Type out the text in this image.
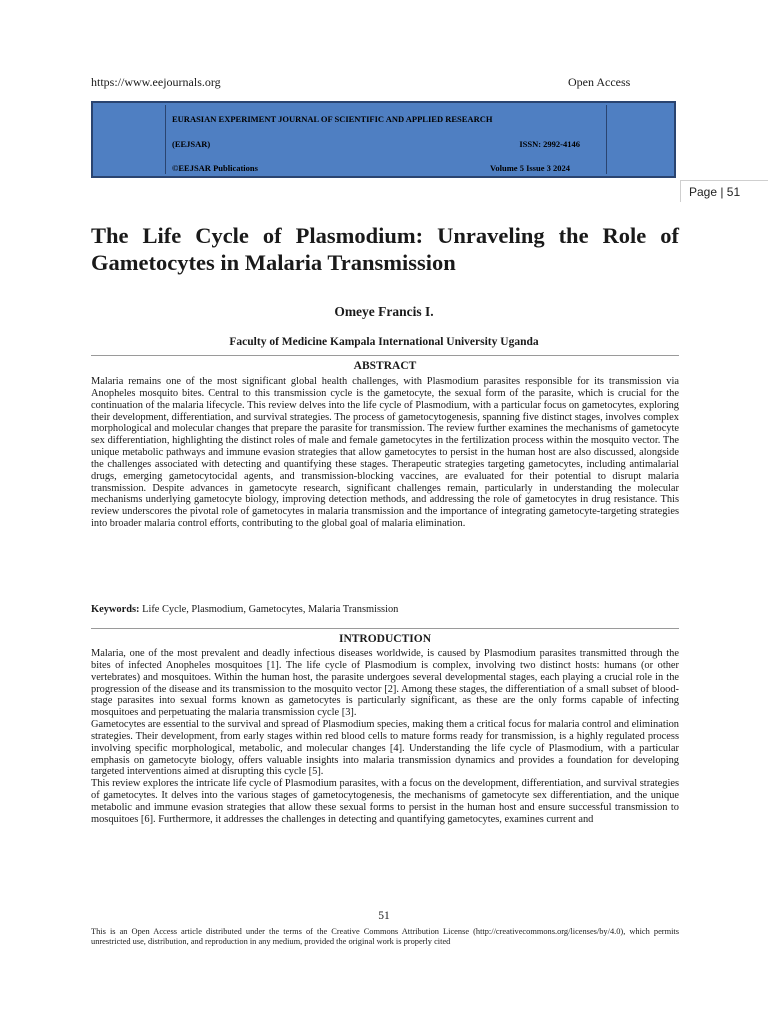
https://www.eejournals.org	Open Access
EURASIAN EXPERIMENT JOURNAL OF SCIENTIFIC AND APPLIED RESEARCH
(EEJSAR)	ISSN: 2992-4146
©EEJSAR Publications	Volume 5 Issue 3 2024
Page | 51
The Life Cycle of Plasmodium: Unraveling the Role of Gametocytes in Malaria Transmission
Omeye Francis I.
Faculty of Medicine Kampala International University Uganda
ABSTRACT
Malaria remains one of the most significant global health challenges, with Plasmodium parasites responsible for its transmission via Anopheles mosquito bites. Central to this transmission cycle is the gametocyte, the sexual form of the parasite, which is crucial for the continuation of the malaria lifecycle. This review delves into the life cycle of Plasmodium, with a particular focus on gametocytes, exploring their development, differentiation, and survival strategies. The process of gametocytogenesis, spanning five distinct stages, involves complex morphological and molecular changes that prepare the parasite for transmission. The review further examines the mechanisms of gametocyte sex differentiation, highlighting the distinct roles of male and female gametocytes in the fertilization process within the mosquito vector. The unique metabolic pathways and immune evasion strategies that allow gametocytes to persist in the human host are also discussed, alongside the challenges associated with detecting and quantifying these stages. Therapeutic strategies targeting gametocytes, including antimalarial drugs, emerging gametocytocidal agents, and transmission-blocking vaccines, are evaluated for their potential to disrupt malaria transmission. Despite advances in gametocyte research, significant challenges remain, particularly in understanding the molecular mechanisms underlying gametocyte biology, improving detection methods, and addressing the role of gametocytes in drug resistance. This review underscores the pivotal role of gametocytes in malaria transmission and the importance of integrating gametocyte-targeting strategies into broader malaria control efforts, contributing to the global goal of malaria elimination.
Keywords: Life Cycle, Plasmodium, Gametocytes, Malaria Transmission
INTRODUCTION

Malaria, one of the most prevalent and deadly infectious diseases worldwide, is caused by Plasmodium parasites transmitted through the bites of infected Anopheles mosquitoes [1]. The life cycle of Plasmodium is complex, involving two distinct hosts: humans (or other vertebrates) and mosquitoes. Within the human host, the parasite undergoes several developmental stages, each playing a crucial role in the progression of the disease and its transmission to the mosquito vector [2]. Among these stages, the differentiation of a small subset of blood-stage parasites into sexual forms known as gametocytes is particularly significant, as these are the only forms capable of infecting mosquitoes and perpetuating the malaria transmission cycle [3].

Gametocytes are essential to the survival and spread of Plasmodium species, making them a critical focus for malaria control and elimination strategies. Their development, from early stages within red blood cells to mature forms ready for transmission, is a highly regulated process involving specific morphological, metabolic, and molecular changes [4]. Understanding the life cycle of Plasmodium, with a particular emphasis on gametocyte biology, offers valuable insights into malaria transmission dynamics and provides a foundation for developing targeted interventions aimed at disrupting this cycle [5].

This review explores the intricate life cycle of Plasmodium parasites, with a focus on the development, differentiation, and survival strategies of gametocytes. It delves into the various stages of gametocytogenesis, the mechanisms of gametocyte sex differentiation, and the unique metabolic and immune evasion strategies that allow these sexual forms to persist in the human host and ensure successful transmission to mosquitoes [6]. Furthermore, it addresses the challenges in detecting and quantifying gametocytes, examines current and

51

This is an Open Access article distributed under the terms of the Creative Commons Attribution License (http://creativecommons.org/licenses/by/4.0), which permits unrestricted use, distribution, and reproduction in any medium, provided the original work is properly cited
